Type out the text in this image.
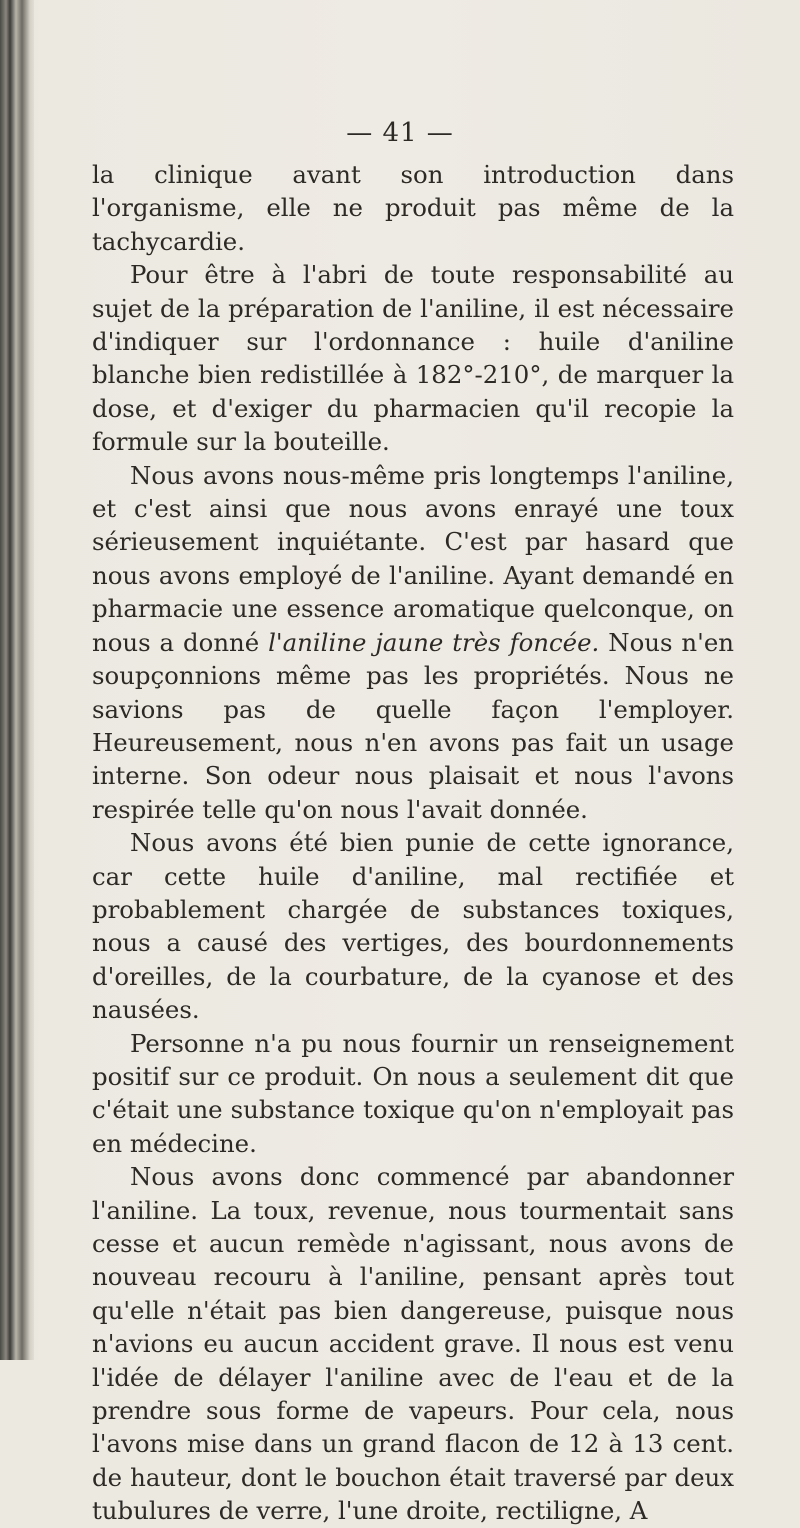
— 41 —

la clinique avant son introduction dans l'organisme, elle ne produit pas même de la tachycardie.

Pour être à l'abri de toute responsabilité au sujet de la préparation de l'aniline, il est nécessaire d'indiquer sur l'ordonnance : huile d'aniline blanche bien redistillée à 182°-210°, de marquer la dose, et d'exiger du pharmacien qu'il recopie la formule sur la bouteille.

Nous avons nous-même pris longtemps l'aniline, et c'est ainsi que nous avons enrayé une toux sérieusement inquiétante. C'est par hasard que nous avons employé de l'aniline. Ayant demandé en pharmacie une essence aromatique quelconque, on nous a donné l'aniline jaune très foncée. Nous n'en soupçonnions même pas les propriétés. Nous ne savions pas de quelle façon l'employer. Heureusement, nous n'en avons pas fait un usage interne. Son odeur nous plaisait et nous l'avons respirée telle qu'on nous l'avait donnée.

Nous avons été bien punie de cette ignorance, car cette huile d'aniline, mal rectifiée et probablement chargée de substances toxiques, nous a causé des vertiges, des bourdonnements d'oreilles, de la courbature, de la cyanose et des nausées.

Personne n'a pu nous fournir un renseignement positif sur ce produit. On nous a seulement dit que c'était une substance toxique qu'on n'employait pas en médecine.

Nous avons donc commencé par abandonner l'aniline. La toux, revenue, nous tourmentait sans cesse et aucun remède n'agissant, nous avons de nouveau recouru à l'aniline, pensant après tout qu'elle n'était pas bien dangereuse, puisque nous n'avions eu aucun accident grave. Il nous est venu l'idée de délayer l'aniline avec de l'eau et de la prendre sous forme de vapeurs. Pour cela, nous l'avons mise dans un grand flacon de 12 à 13 cent. de hauteur, dont le bouchon était traversé par deux tubulures de verre, l'une droite, rectiligne, A
